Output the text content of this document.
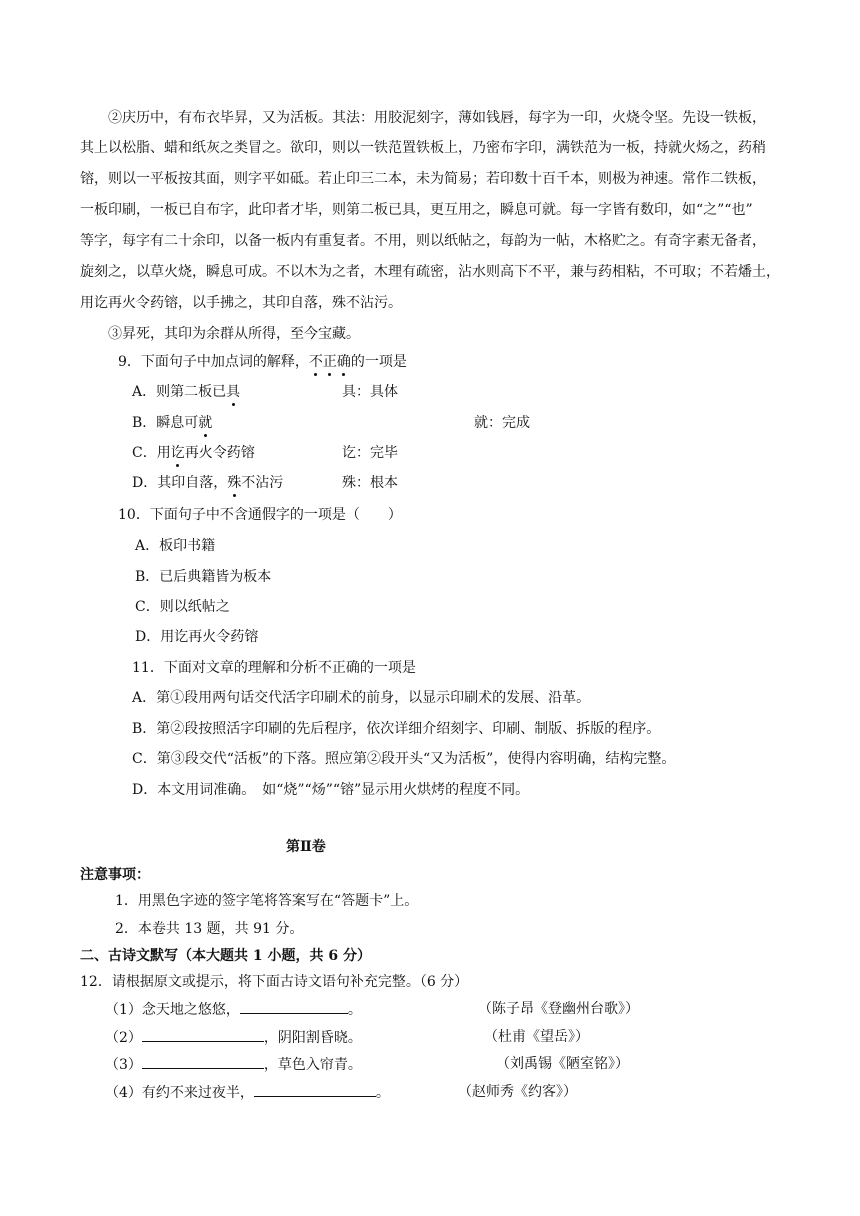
②庆历中，有布衣毕昇，又为活板。其法：用胶泥刻字，薄如钱唇，每字为一印，火烧令坚。先设一铁板，
其上以松脂、蜡和纸灰之类冒之。欲印，则以一铁范置铁板上，乃密布字印，满铁范为一板，持就火炀之，药稍
镕，则以一平板按其面，则字平如砥。若止印三二本，未为简易；若印数十百千本，则极为神速。常作二铁板，
一板印刷，一板已自布字，此印者才毕，则第二板已具，更互用之，瞬息可就。每一字皆有数印，如“之”“也”
等字，每字有二十余印，以备一板内有重复者。不用，则以纸帖之，每韵为一帖，木格贮之。有奇字素无备者，
旋刻之，以草火烧，瞬息可成。不以木为之者，木理有疏密，沾水则高下不平，兼与药相粘，不可取；不若燔土，
用讫再火令药镕，以手拂之，其印自落，殊不沾污。
③昇死，其印为余群从所得，至今宝藏。
9．下面句子中加点词的解释，不正确的一项是
A．则第二板已具	具：具体
B．瞬息可就	就：完成
C．用讫再火令药镕	讫：完毕
D．其印自落，殊不沾污	殊：根本
10．下面句子中不含通假字的一项是（　　）
A．板印书籍
B．已后典籍皆为板本
C．则以纸帖之
D．用讫再火令药镕
11．下面对文章的理解和分析不正确的一项是
A．第①段用两句话交代活字印刷术的前身，以显示印刷术的发展、沿革。
B．第②段按照活字印刷的先后程序，依次详细介绍刻字、印刷、制版、拆版的程序。
C．第③段交代“活板”的下落。照应第②段开头“又为活板”，使得内容明确，结构完整。
D．本文用词准确。　如“烧”“炀”“镕”显示用火烘烤的程度不同。
第Ⅱ卷
注意事项：
1．用黑色字迹的签字笔将答案写在“答题卡”上。
2．本卷共 13 题，共 91 分。
二、古诗文默写（本大题共 1 小题，共 6 分）
12．请根据原文或提示，将下面古诗文语句补充完整。（6 分）
（1）念天地之悠悠，	。	（陈子昂《登幽州台歌》）
（2）	，阴阳割昏晓。	（杜甫《望岳》）
（3）	，草色入帘青。	（刘禹锡《陋室铭》）
（4）有约不来过夜半，	。	（赵师秀《约客》）
